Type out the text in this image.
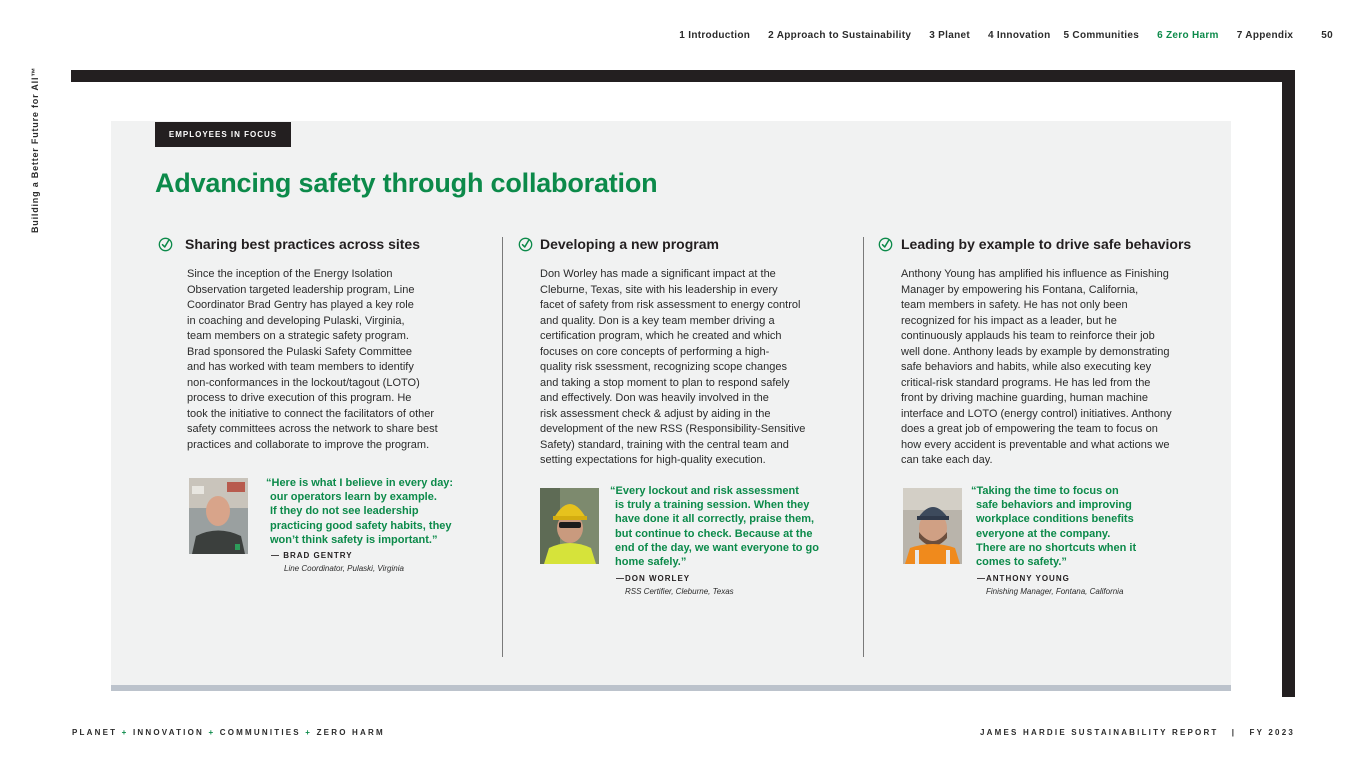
1 Introduction 2 Approach to Sustainability 3 Planet 4 Innovation 5 Communities 6 Zero Harm 7 Appendix	50
Building a Better Future for All™	EMPLOYEES IN FOCUS
Advancing safety through collaboration
Sharing best practices across sites
Since the inception of the Energy Isolation
Observation targeted leadership program, Line
Coordinator Brad Gentry has played a key role
in coaching and developing Pulaski, Virginia,
team members on a strategic safety program.
Brad sponsored the Pulaski Safety Committee
and has worked with team members to identify
non-conformances in the lockout/tagout (LOTO)
process to drive execution of this program. He
took the initiative to connect the facilitators of other
safety committees across the network to share best
practices and collaborate to improve the program.
“Here is what I believe in every day:
our operators learn by example.
If they do not see leadership
practicing good safety habits, they
won’t think safety is important.”
— BRAD GENTRY
Line Coordinator, Pulaski, Virginia
Developing a new program
Don Worley has made a significant impact at the
Cleburne, Texas, site with his leadership in every
facet of safety from risk assessment to energy control
and quality. Don is a key team member driving a
certification program, which he created and which
focuses on core concepts of performing a high-
quality risk ssessment, recognizing scope changes
and taking a stop moment to plan to respond safely
and effectively. Don was heavily involved in the
risk assessment check & adjust by aiding in the
development of the new RSS (Responsibility-Sensitive
Safety) standard, training with the central team and
setting expectations for high-quality execution.
“Every lockout and risk assessment
is truly a training session. When they
have done it all correctly, praise them,
but continue to check. Because at the
end of the day, we want everyone to go
home safely.”
—DON WORLEY
RSS Certifier, Cleburne, Texas
Leading by example to drive safe behaviors
Anthony Young has amplified his influence as Finishing
Manager by empowering his Fontana, California,
team members in safety. He has not only been
recognized for his impact as a leader, but he
continuously applauds his team to reinforce their job
well done. Anthony leads by example by demonstrating
safe behaviors and habits, while also executing key
critical-risk standard programs. He has led from the
front by driving machine guarding, human machine
interface and LOTO (energy control) initiatives. Anthony
does a great job of empowering the team to focus on
how every accident is preventable and what actions we
can take each day.
“Taking the time to focus on
safe behaviors and improving
workplace conditions benefits
everyone at the company.
There are no shortcuts when it
comes to safety.”
—ANTHONY YOUNG
Finishing Manager, Fontana, California
PLANET + INNOVATION + COMMUNITIES + ZERO HARM	JAMES HARDIE SUSTAINABILITY REPORT   |   FY 2023
